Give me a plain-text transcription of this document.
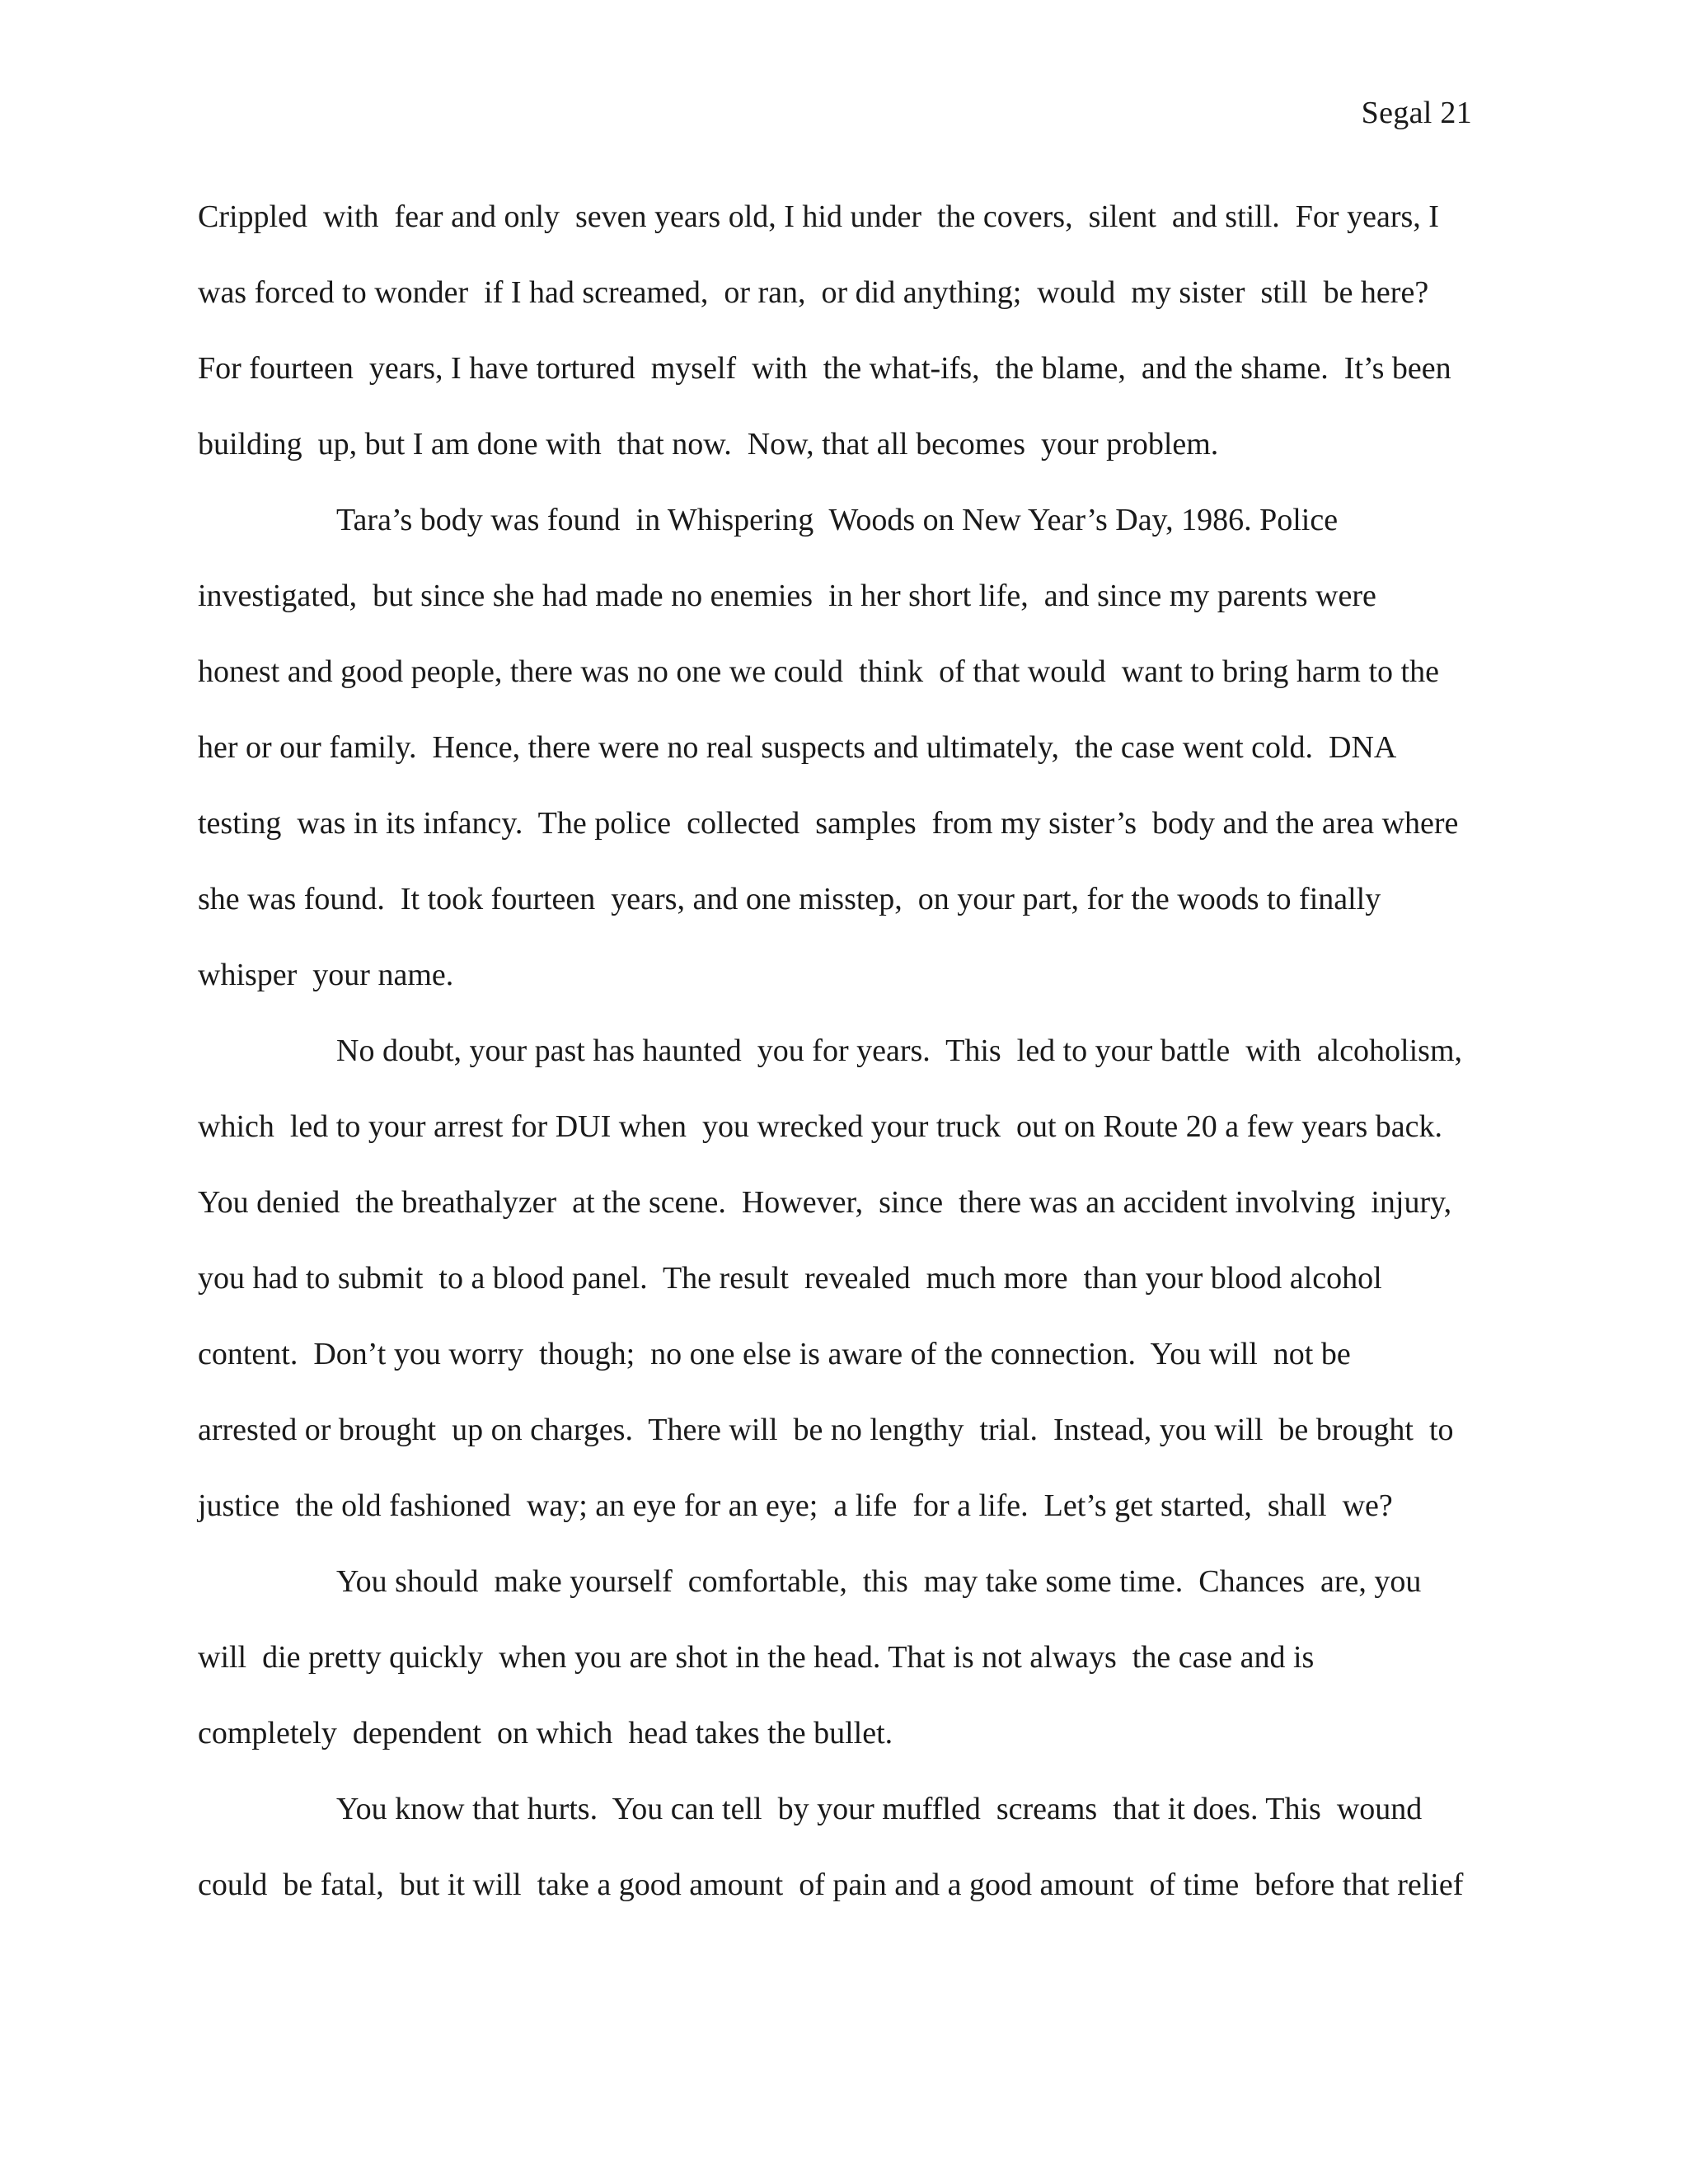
Segal 21
Crippled  with  fear and only  seven years old, I hid under  the covers,  silent  and still.  For years, I
was forced to wonder  if I had screamed,  or ran,  or did anything;  would  my sister  still  be here?
For fourteen  years, I have tortured  myself  with  the what-ifs,  the blame,  and the shame.  It’s been
building  up, but I am done with  that now.  Now, that all becomes  your problem.
Tara’s body was found  in Whispering  Woods on New Year’s Day, 1986. Police
investigated,  but since she had made no enemies  in her short life,  and since my parents were
honest and good people, there was no one we could  think  of that would  want to bring harm to the
her or our family.  Hence, there were no real suspects and ultimately,  the case went cold.  DNA
testing  was in its infancy.  The police  collected  samples  from my sister’s  body and the area where
she was found.  It took fourteen  years, and one misstep,  on your part, for the woods to finally
whisper  your name.
No doubt, your past has haunted  you for years.  This  led to your battle  with  alcoholism,
which  led to your arrest for DUI when  you wrecked your truck  out on Route 20 a few years back.
You denied  the breathalyzer  at the scene.  However,  since  there was an accident involving  injury,
you had to submit  to a blood panel.  The result  revealed  much more  than your blood alcohol
content.  Don’t you worry  though;  no one else is aware of the connection.  You will  not be
arrested or brought  up on charges.  There will  be no lengthy  trial.  Instead, you will  be brought  to
justice  the old fashioned  way; an eye for an eye;  a life  for a life.  Let’s get started,  shall  we?
You should  make yourself  comfortable,  this  may take some time.  Chances  are, you
will  die pretty quickly  when you are shot in the head. That is not always  the case and is
completely  dependent  on which  head takes the bullet.
You know that hurts.  You can tell  by your muffled  screams  that it does. This  wound
could  be fatal,  but it will  take a good amount  of pain and a good amount  of time  before that relief
